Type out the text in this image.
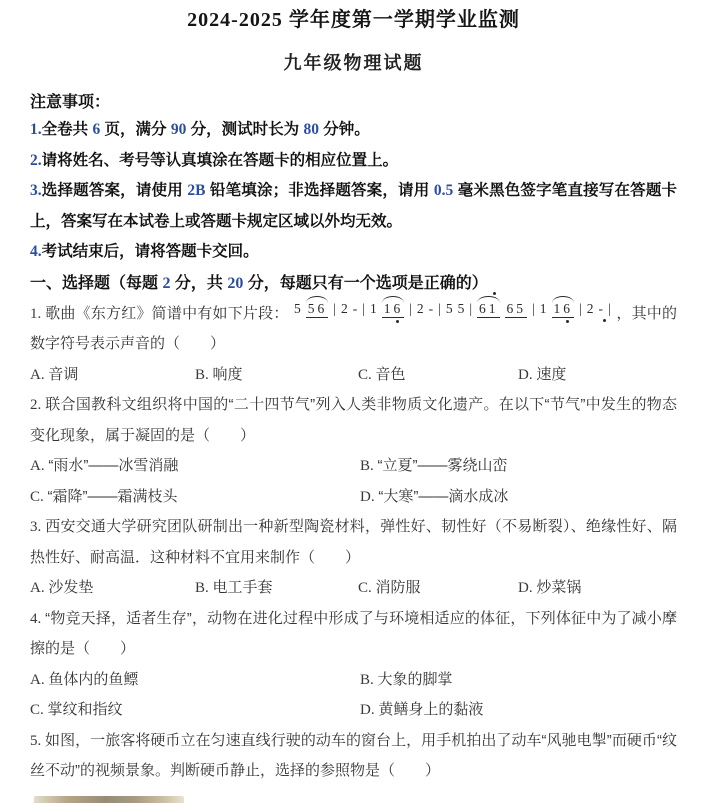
2024-2025 学年度第一学期学业监测
九年级物理试题

注意事项：

1.全卷共 6 页，满分 90 分，测试时长为 80 分钟。

2.请将姓名、考号等认真填涂在答题卡的相应位置上。

3.选择题答案，请使用 2B 铅笔填涂；非选择题答案，请用 0.5 毫米黑色签字笔直接写在答题卡上，答案写在本试卷上或答题卡规定区域以外均无效。

4.考试结束后，请将答题卡交回。

一、选择题（每题 2 分，共 20 分，每题只有一个选项是正确的）

1. 歌曲《东方红》简谱中有如下片段： 5 56 | 2 - | 1 16 | 2 - | 5 5 | 61 65 | 1 16 | 2 - | ，其中的数字符号表示声音的（　　）

A. 音调	B. 响度	C. 音色	D. 速度

2. 联合国教科文组织将中国的“二十四节气”列入人类非物质文化遗产。在以下“节气”中发生的物态变化现象，属于凝固的是（　　）

A. “雨水”——冰雪消融	B. “立夏”——雾绕山峦
C. “霜降”——霜满枝头	D. “大寒”——滴水成冰

3. 西安交通大学研究团队研制出一种新型陶瓷材料，弹性好、韧性好（不易断裂）、绝缘性好、隔热性好、耐高温．这种材料不宜用来制作（　　）

A. 沙发垫	B. 电工手套	C. 消防服	D. 炒菜锅

4. “物竞天择，适者生存”，动物在进化过程中形成了与环境相适应的体征，下列体征中为了减小摩擦的是（　　）

A. 鱼体内的鱼鳔	B. 大象的脚掌
C. 掌纹和指纹	D. 黄鳝身上的黏液

5. 如图，一旅客将硬币立在匀速直线行驶的动车的窗台上，用手机拍出了动车“风驰电掣”而硬币“纹丝不动”的视频景象。判断硬币静止，选择的参照物是（　　）
